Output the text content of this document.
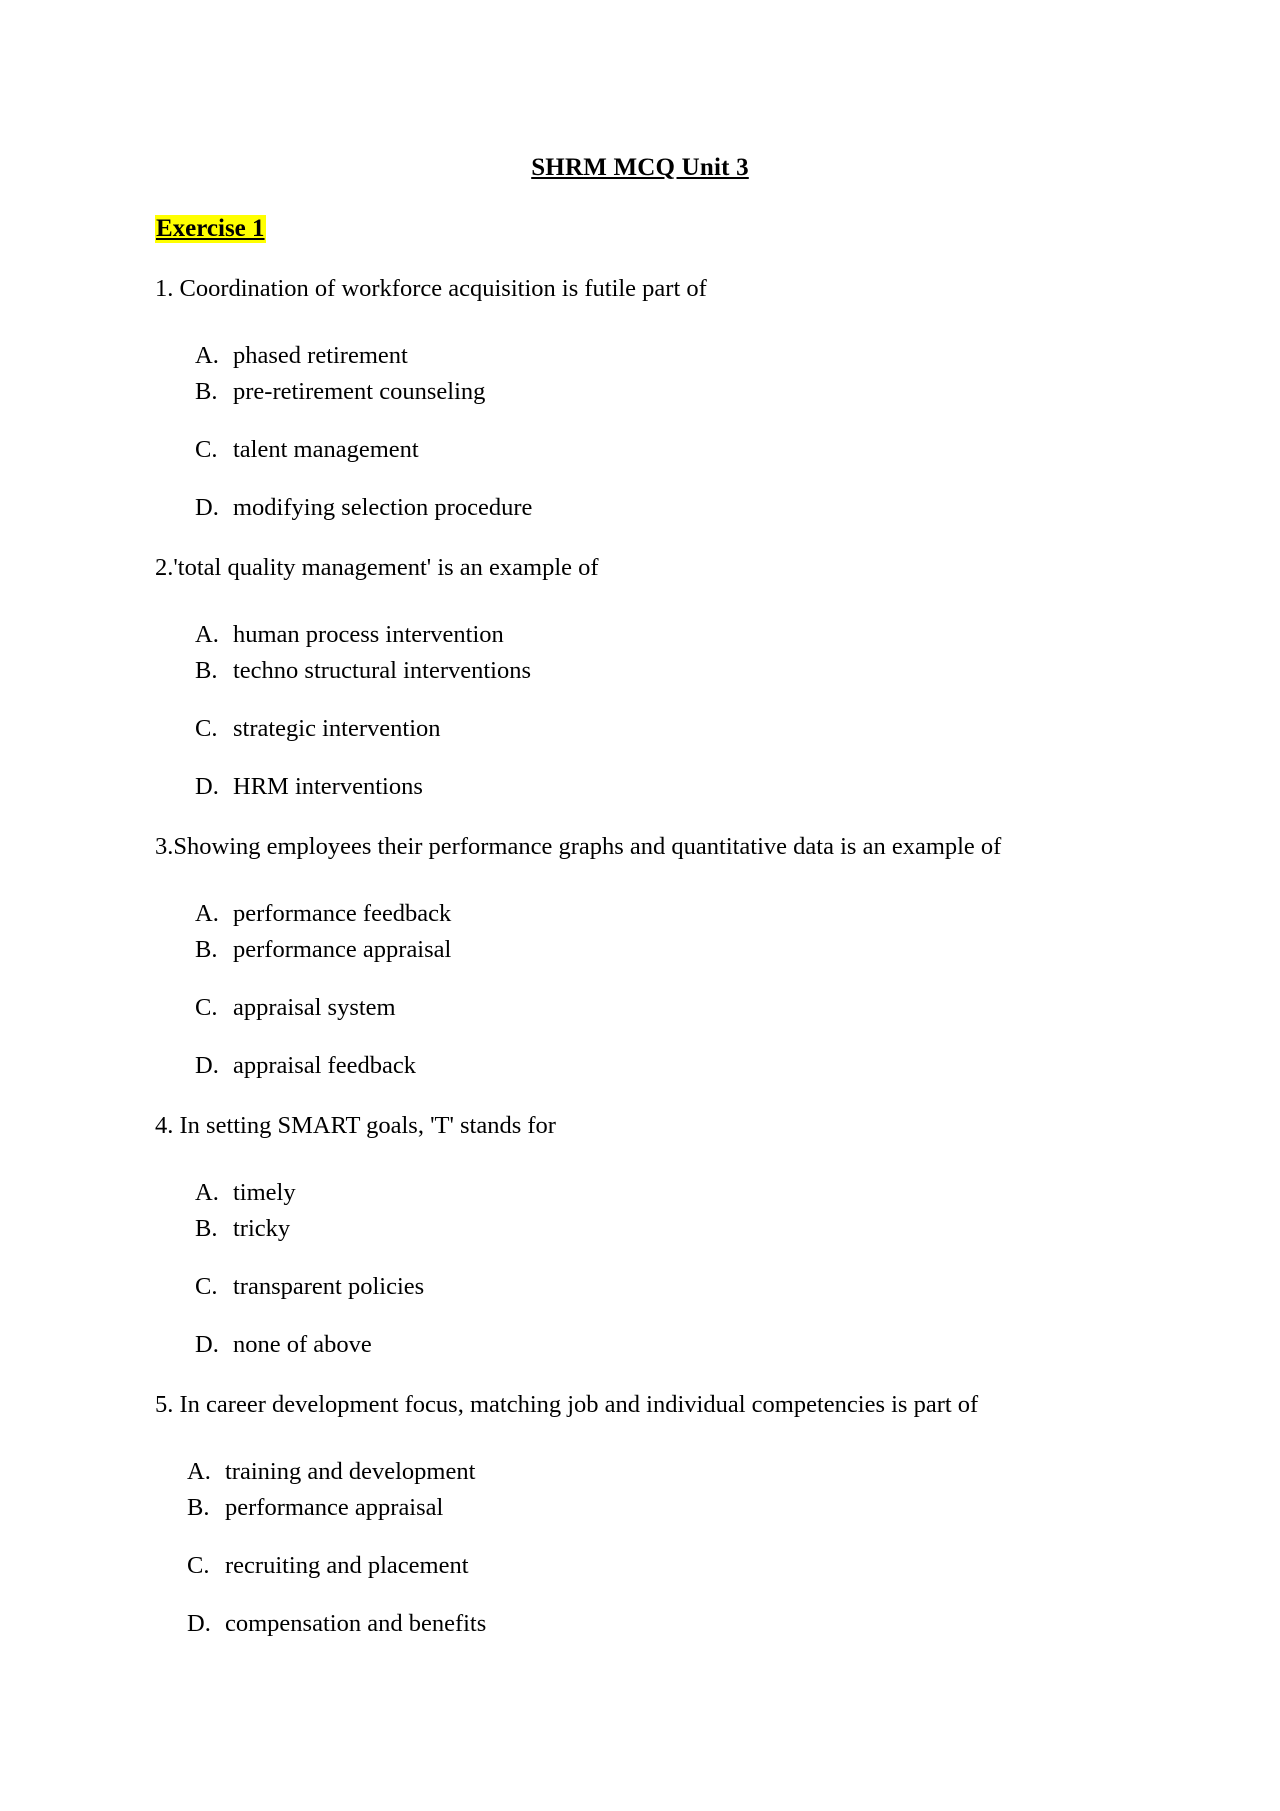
SHRM MCQ Unit 3
Exercise 1
1. Coordination of workforce acquisition is futile part of
A. phased retirement
B. pre-retirement counseling
C. talent management
D. modifying selection procedure
2.'total quality management' is an example of
A. human process intervention
B. techno structural interventions
C. strategic intervention
D. HRM interventions
3.Showing employees their performance graphs and quantitative data is an example of
A. performance feedback
B. performance appraisal
C. appraisal system
D. appraisal feedback
4. In setting SMART goals, 'T' stands for
A. timely
B. tricky
C. transparent policies
D. none of above
5. In career development focus, matching job and individual competencies is part of
A. training and development
B. performance appraisal
C. recruiting and placement
D. compensation and benefits
